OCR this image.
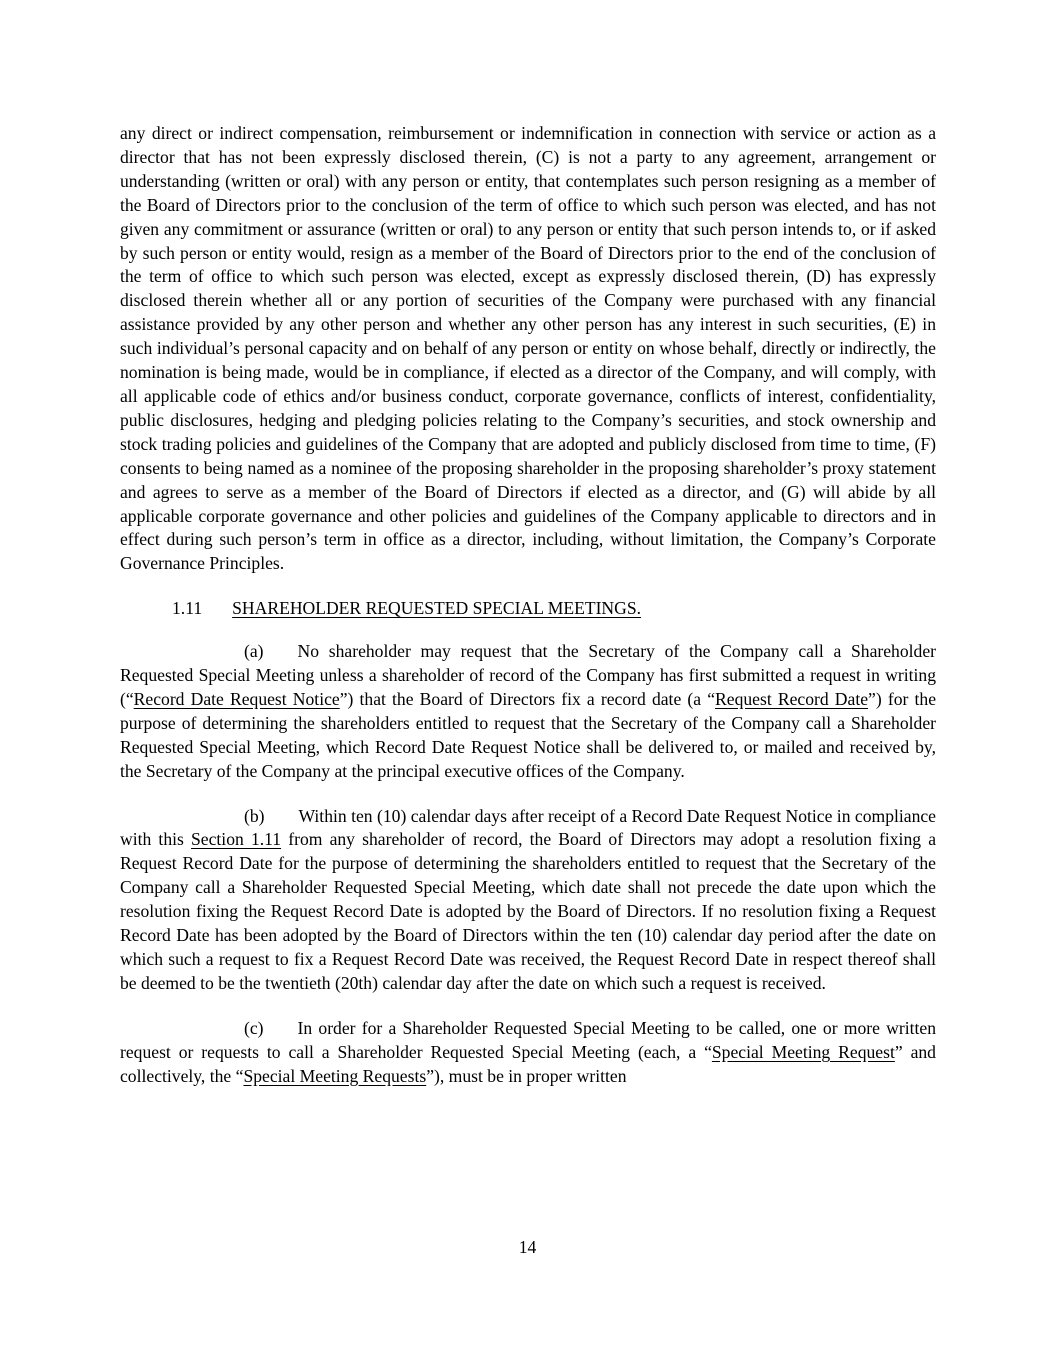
any direct or indirect compensation, reimbursement or indemnification in connection with service or action as a director that has not been expressly disclosed therein, (C) is not a party to any agreement, arrangement or understanding (written or oral) with any person or entity, that contemplates such person resigning as a member of the Board of Directors prior to the conclusion of the term of office to which such person was elected, and has not given any commitment or assurance (written or oral) to any person or entity that such person intends to, or if asked by such person or entity would, resign as a member of the Board of Directors prior to the end of the conclusion of the term of office to which such person was elected, except as expressly disclosed therein, (D) has expressly disclosed therein whether all or any portion of securities of the Company were purchased with any financial assistance provided by any other person and whether any other person has any interest in such securities, (E) in such individual’s personal capacity and on behalf of any person or entity on whose behalf, directly or indirectly, the nomination is being made, would be in compliance, if elected as a director of the Company, and will comply, with all applicable code of ethics and/or business conduct, corporate governance, conflicts of interest, confidentiality, public disclosures, hedging and pledging policies relating to the Company’s securities, and stock ownership and stock trading policies and guidelines of the Company that are adopted and publicly disclosed from time to time, (F) consents to being named as a nominee of the proposing shareholder in the proposing shareholder’s proxy statement and agrees to serve as a member of the Board of Directors if elected as a director, and (G) will abide by all applicable corporate governance and other policies and guidelines of the Company applicable to directors and in effect during such person’s term in office as a director, including, without limitation, the Company’s Corporate Governance Principles.

1.11 SHAREHOLDER REQUESTED SPECIAL MEETINGS.

(a) No shareholder may request that the Secretary of the Company call a Shareholder Requested Special Meeting unless a shareholder of record of the Company has first submitted a request in writing (“Record Date Request Notice”) that the Board of Directors fix a record date (a “Request Record Date”) for the purpose of determining the shareholders entitled to request that the Secretary of the Company call a Shareholder Requested Special Meeting, which Record Date Request Notice shall be delivered to, or mailed and received by, the Secretary of the Company at the principal executive offices of the Company.

(b) Within ten (10) calendar days after receipt of a Record Date Request Notice in compliance with this Section 1.11 from any shareholder of record, the Board of Directors may adopt a resolution fixing a Request Record Date for the purpose of determining the shareholders entitled to request that the Secretary of the Company call a Shareholder Requested Special Meeting, which date shall not precede the date upon which the resolution fixing the Request Record Date is adopted by the Board of Directors. If no resolution fixing a Request Record Date has been adopted by the Board of Directors within the ten (10) calendar day period after the date on which such a request to fix a Request Record Date was received, the Request Record Date in respect thereof shall be deemed to be the twentieth (20th) calendar day after the date on which such a request is received.

(c) In order for a Shareholder Requested Special Meeting to be called, one or more written request or requests to call a Shareholder Requested Special Meeting (each, a “Special Meeting Request” and collectively, the “Special Meeting Requests”), must be in proper written

14
